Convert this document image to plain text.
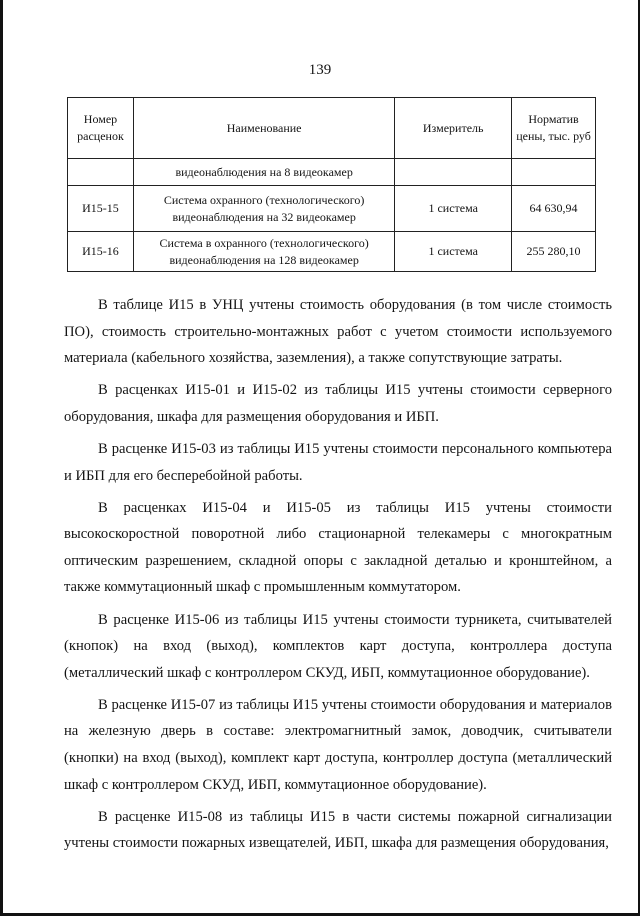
139
Номер расценок	Наименование	Измеритель	Норматив цены, тыс. руб
	видеонаблюдения на 8 видеокамер		
И15-15	Система охранного (технологического) видеонаблюдения на 32 видеокамер	1 система	64 630,94
И15-16	Система в охранного (технологического) видеонаблюдения на 128 видеокамер	1 система	255 280,10

В таблице И15 в УНЦ учтены стоимость оборудования (в том числе стоимость ПО), стоимость строительно-монтажных работ с учетом стоимости используемого материала (кабельного хозяйства, заземления), а также сопутствующие затраты.

В расценках И15-01 и И15-02 из таблицы И15 учтены стоимости серверного оборудования, шкафа для размещения оборудования и ИБП.

В расценке И15-03 из таблицы И15 учтены стоимости персонального компьютера и ИБП для его бесперебойной работы.

В расценках И15-04 и И15-05 из таблицы И15 учтены стоимости высокоскоростной поворотной либо стационарной телекамеры с многократным оптическим разрешением, складной опоры с закладной деталью и кронштейном, а также коммутационный шкаф с промышленным коммутатором.

В расценке И15-06 из таблицы И15 учтены стоимости турникета, считывателей (кнопок) на вход (выход), комплектов карт доступа, контроллера доступа (металлический шкаф с контроллером СКУД, ИБП, коммутационное оборудование).

В расценке И15-07 из таблицы И15 учтены стоимости оборудования и материалов на железную дверь в составе: электромагнитный замок, доводчик, считыватели (кнопки) на вход (выход), комплект карт доступа, контроллер доступа (металлический шкаф с контроллером СКУД, ИБП, коммутационное оборудование).

В расценке И15-08 из таблицы И15 в части системы пожарной сигнализации учтены стоимости пожарных извещателей, ИБП, шкафа для размещения оборудования,
